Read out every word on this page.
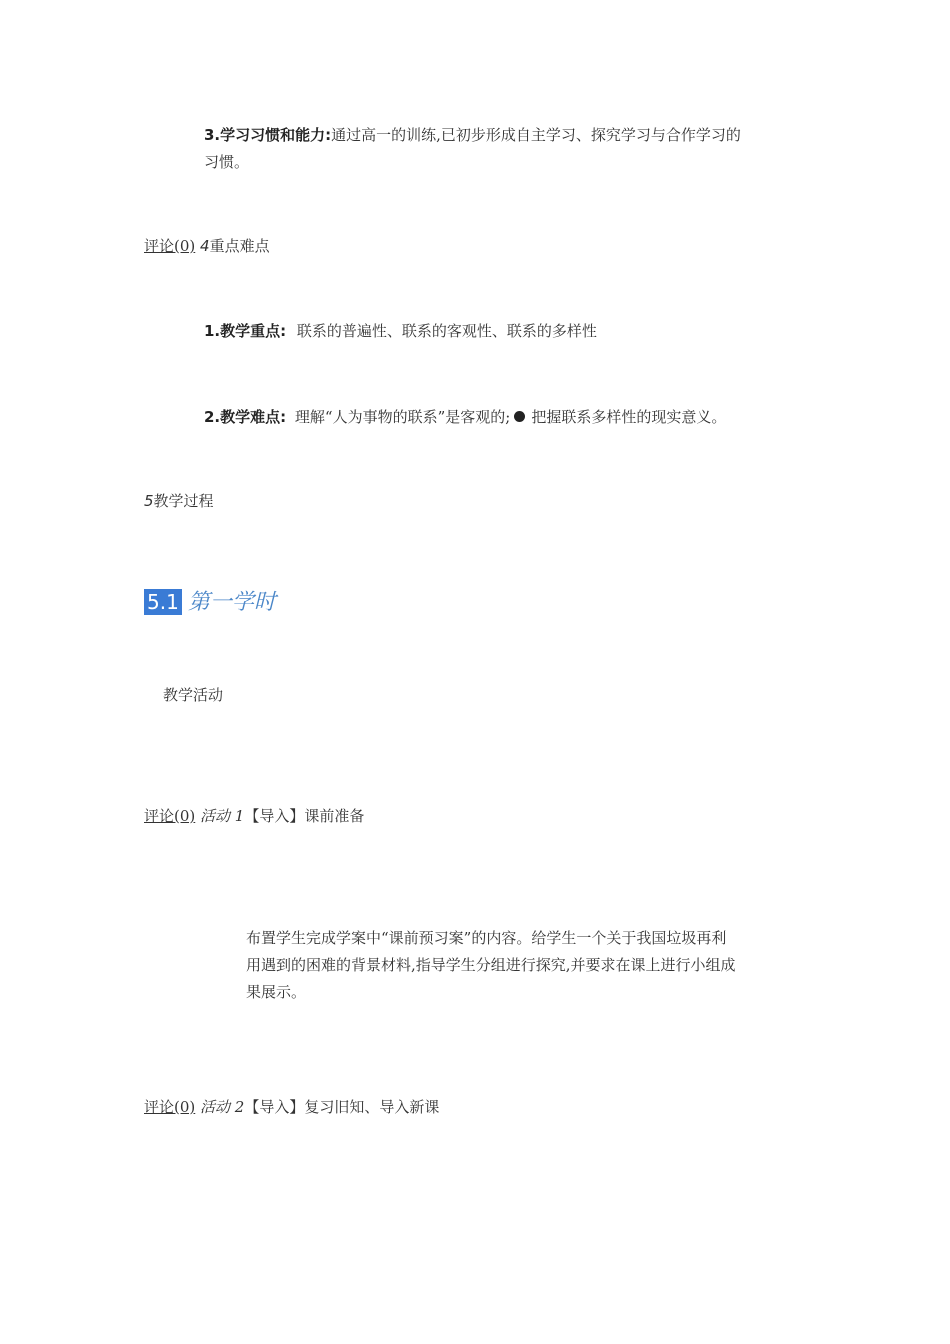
3.学习习惯和能力:通过高一的训练,已初步形成自主学习、探究学习与合作学习的
习惯。
评论(0) 4重点难点
1.教学重点: 联系的普遍性、联系的客观性、联系的多样性
2.教学难点: 理解“人为事物的联系”是客观的; 把握联系多样性的现实意义。
5教学过程
5.1 第一学时
教学活动
评论(0) 活动 1【导入】课前准备
布置学生完成学案中“课前预习案”的内容。给学生一个关于我国垃圾再利
用遇到的困难的背景材料,指导学生分组进行探究,并要求在课上进行小组成
果展示。
评论(0) 活动 2【导入】复习旧知、导入新课
